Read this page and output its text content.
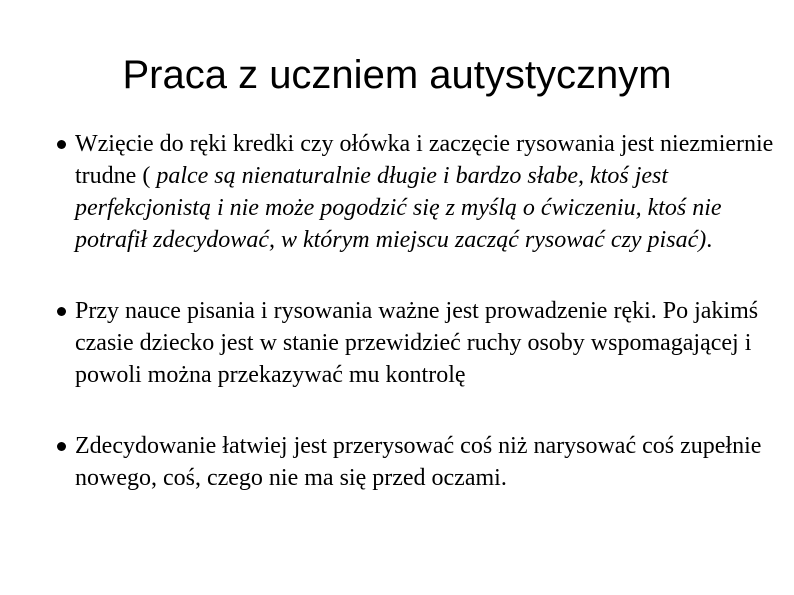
Praca z uczniem autystycznym
Wzięcie do ręki kredki czy ołówka i zaczęcie rysowania jest niezmiernie trudne ( palce są nienaturalnie długie i bardzo słabe, ktoś jest perfekcjonistą i nie może pogodzić się z myślą o ćwiczeniu, ktoś nie potrafił zdecydować, w którym miejscu zacząć rysować czy pisać).
Przy nauce pisania i rysowania ważne jest prowadzenie ręki. Po jakimś czasie dziecko jest w stanie przewidzieć ruchy osoby wspomagającej i powoli można przekazywać mu kontrolę
Zdecydowanie łatwiej jest przerysować coś niż narysować coś zupełnie nowego, coś, czego nie ma się przed oczami.
